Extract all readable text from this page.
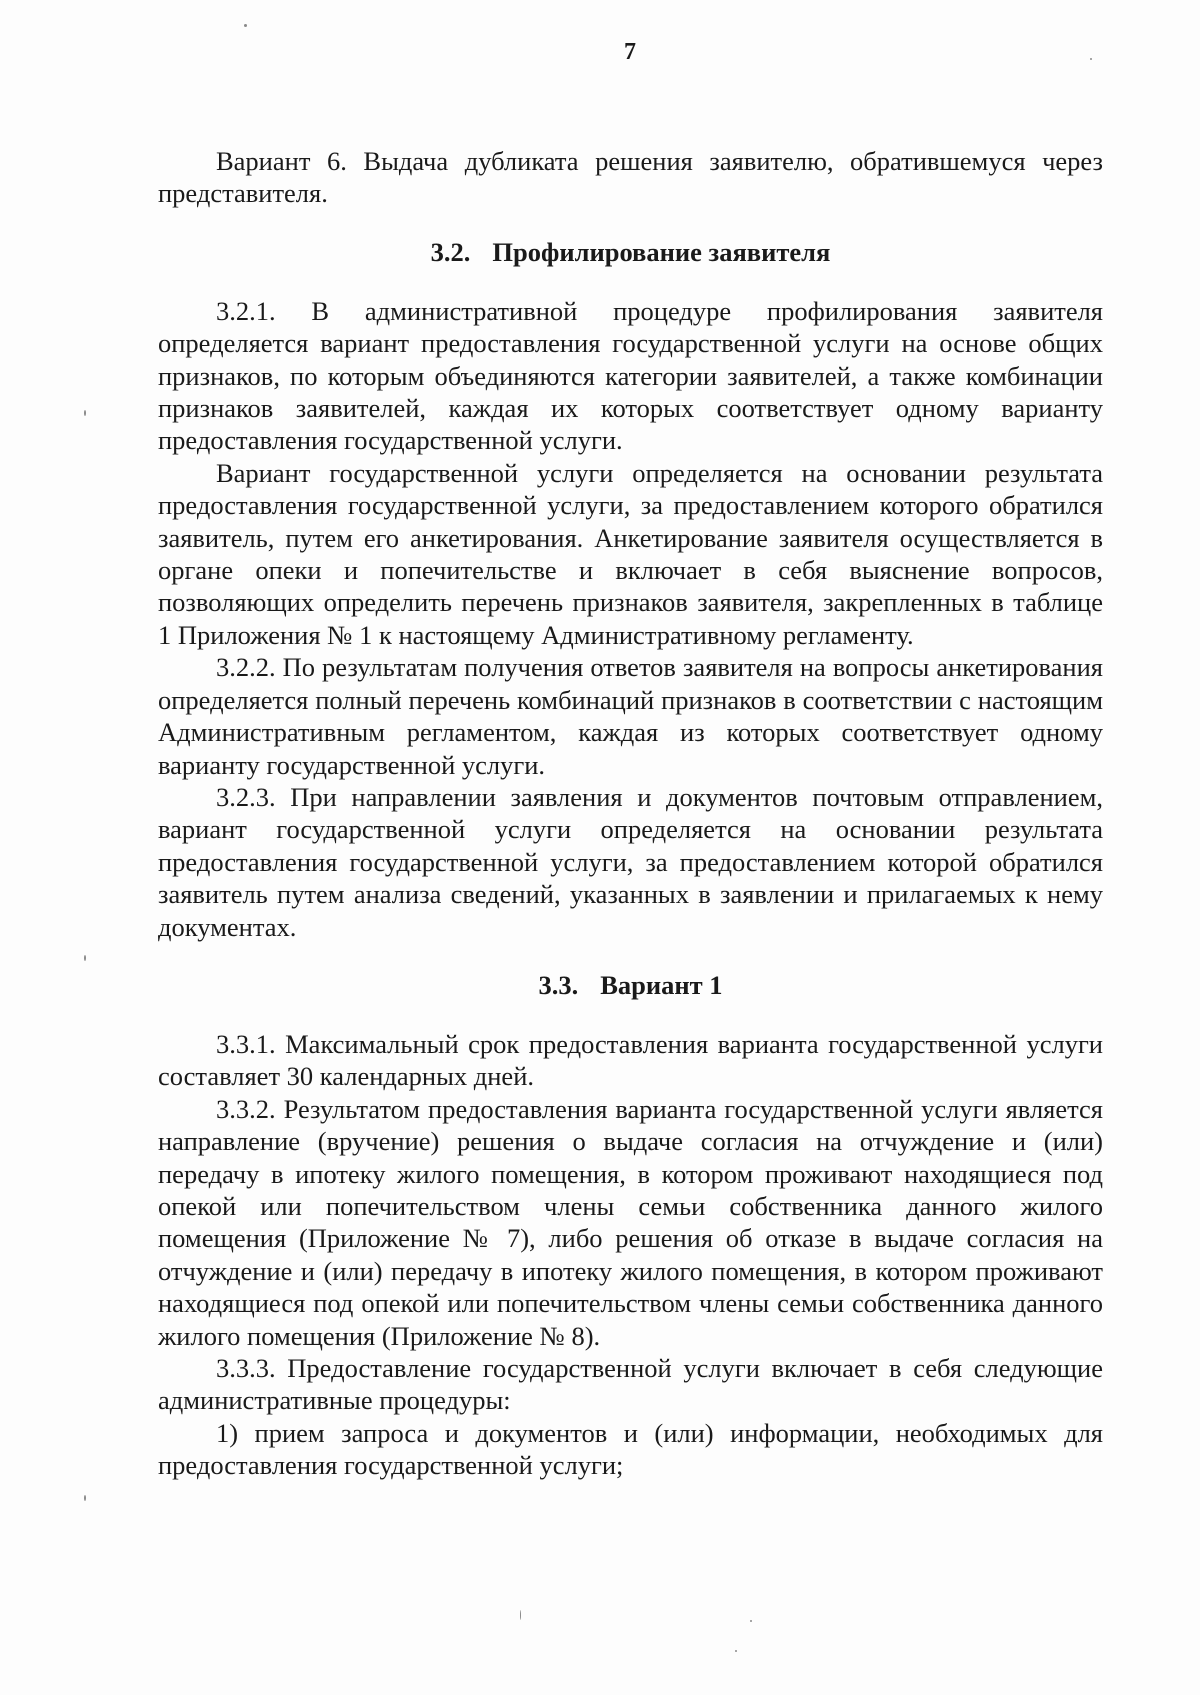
7

Вариант 6. Выдача дубликата решения заявителю, обратившемуся через представителя.

3.2. Профилирование заявителя

3.2.1. В административной процедуре профилирования заявителя определяется вариант предоставления государственной услуги на основе общих признаков, по которым объединяются категории заявителей, а также комбинации признаков заявителей, каждая их которых соответствует одному варианту предоставления государственной услуги.

Вариант государственной услуги определяется на основании результата предоставления государственной услуги, за предоставлением которого обратился заявитель, путем его анкетирования. Анкетирование заявителя осуществляется в органе опеки и попечительстве и включает в себя выяснение вопросов, позволяющих определить перечень признаков заявителя, закрепленных в таблице 1 Приложения № 1 к настоящему Административному регламенту.

3.2.2. По результатам получения ответов заявителя на вопросы анкетирования определяется полный перечень комбинаций признаков в соответствии с настоящим Административным регламентом, каждая из которых соответствует одному варианту государственной услуги.

3.2.3. При направлении заявления и документов почтовым отправлением, вариант государственной услуги определяется на основании результата предоставления государственной услуги, за предоставлением которой обратился заявитель путем анализа сведений, указанных в заявлении и прилагаемых к нему документах.

3.3. Вариант 1

3.3.1. Максимальный срок предоставления варианта государственной услуги составляет 30 календарных дней.

3.3.2. Результатом предоставления варианта государственной услуги является направление (вручение) решения о выдаче согласия на отчуждение и (или) передачу в ипотеку жилого помещения, в котором проживают находящиеся под опекой или попечительством члены семьи собственника данного жилого помещения (Приложение № 7), либо решения об отказе в выдаче согласия на отчуждение и (или) передачу в ипотеку жилого помещения, в котором проживают находящиеся под опекой или попечительством члены семьи собственника данного жилого помещения (Приложение № 8).

3.3.3. Предоставление государственной услуги включает в себя следующие административные процедуры:

1) прием запроса и документов и (или) информации, необходимых для предоставления государственной услуги;
